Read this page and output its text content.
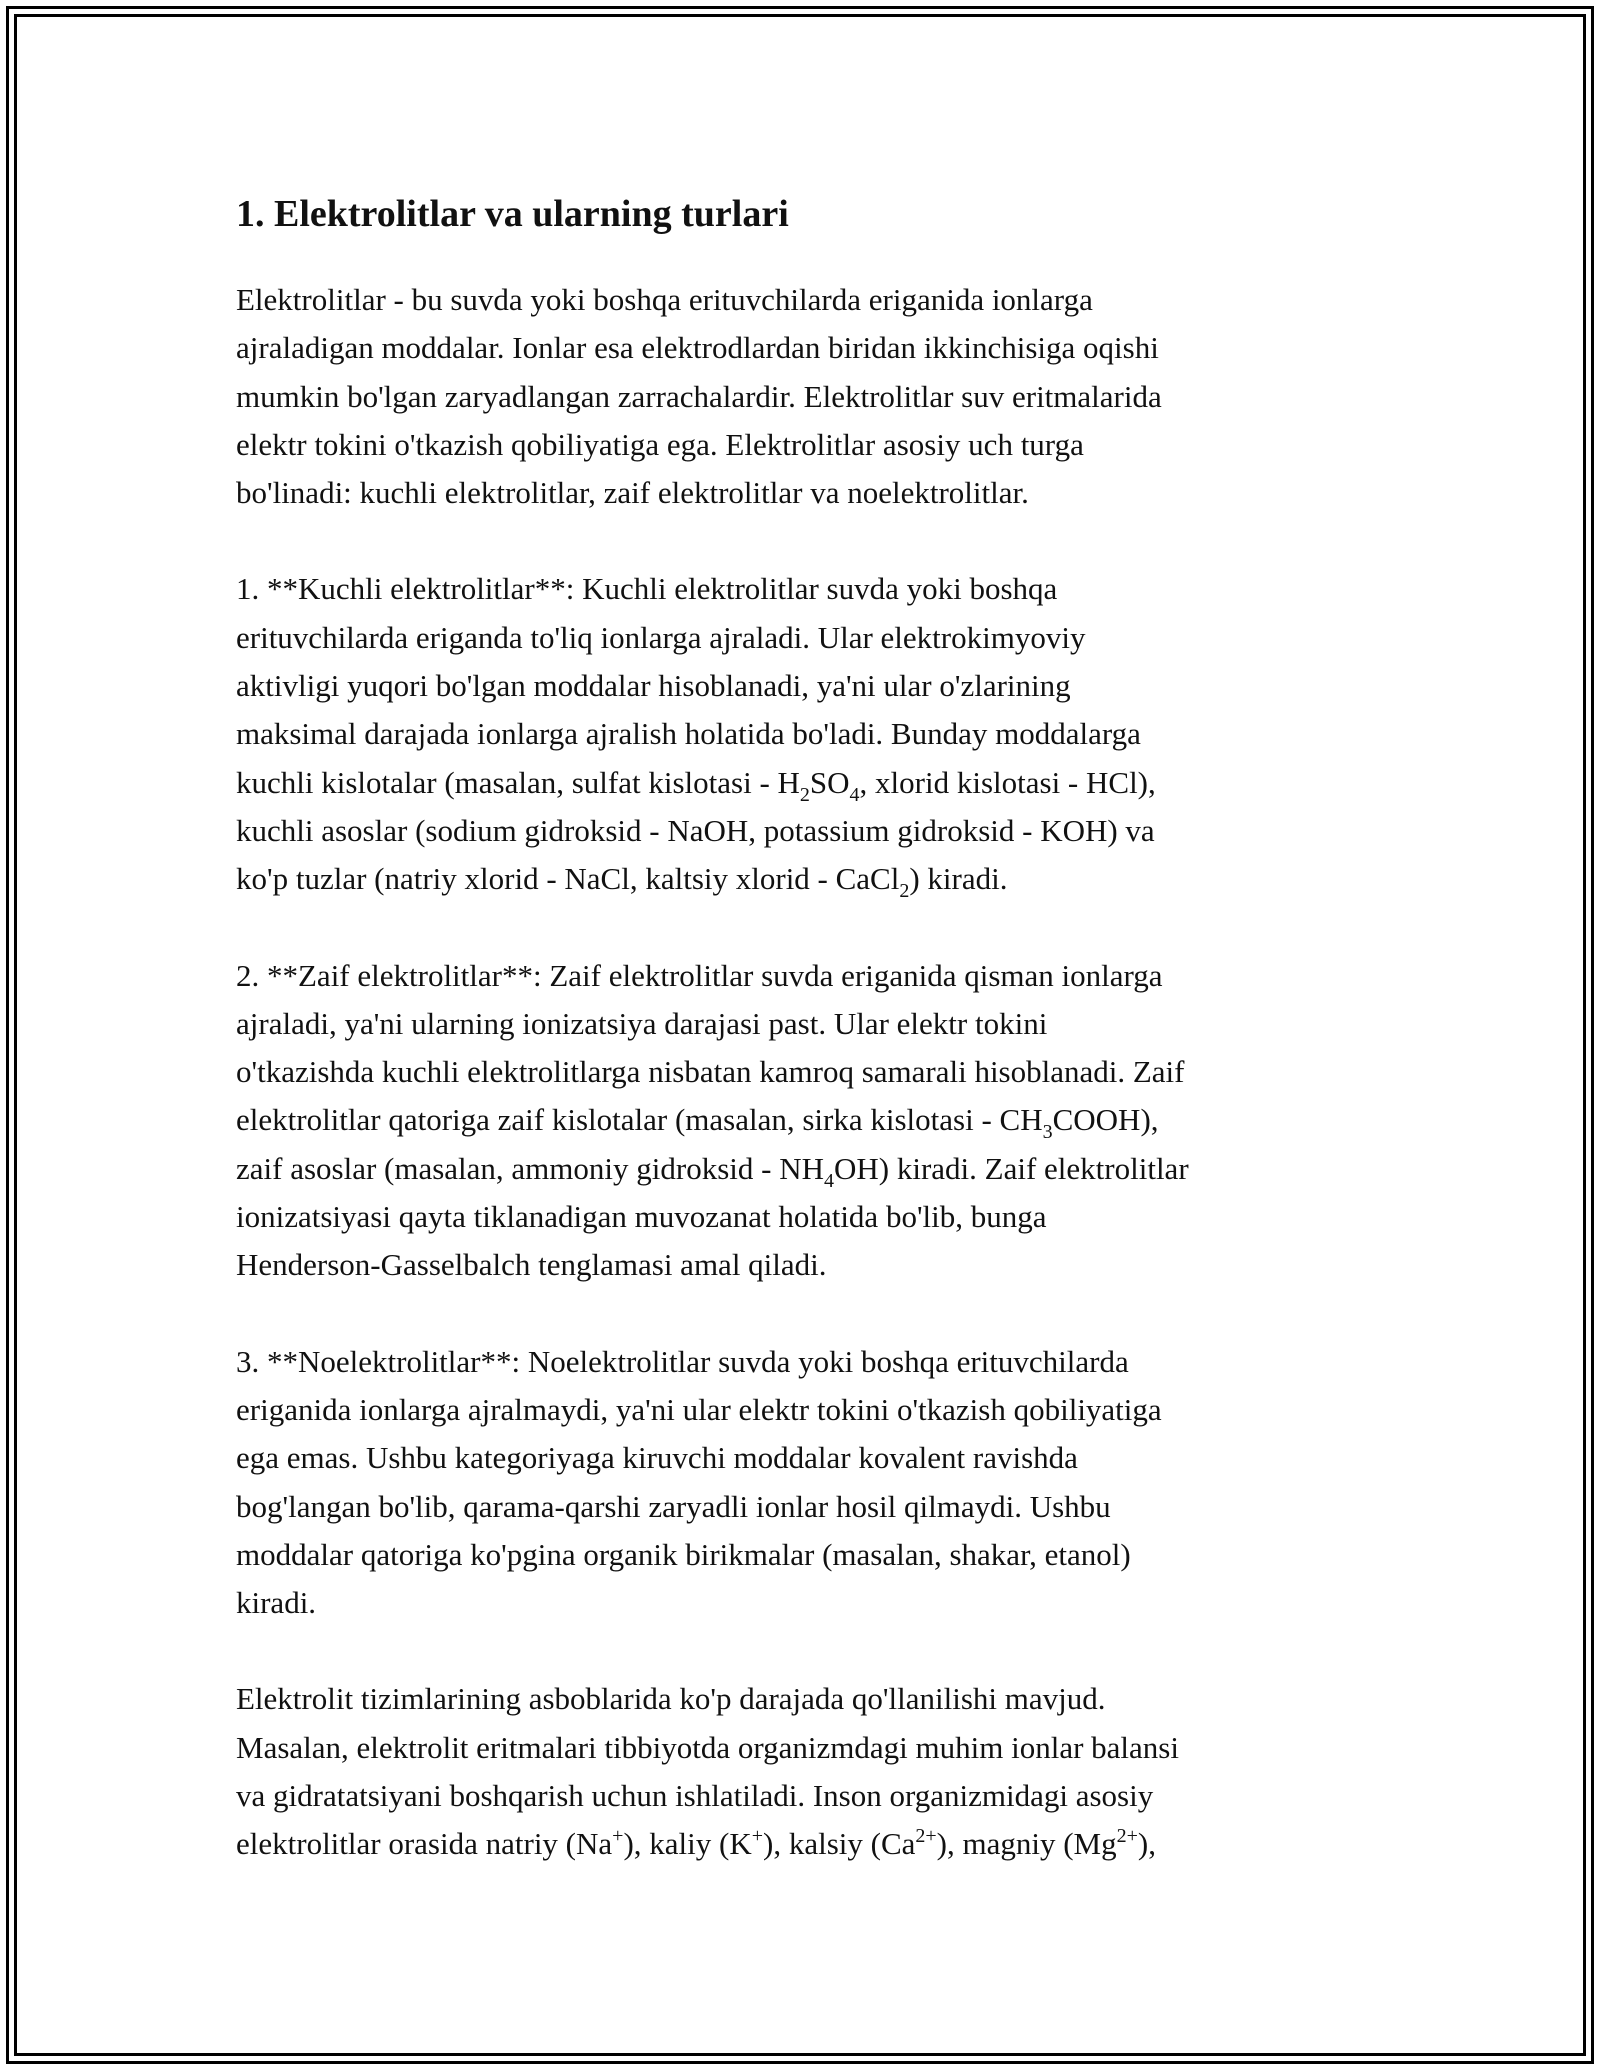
1. Elektrolitlar va ularning turlari

Elektrolitlar - bu suvda yoki boshqa erituvchilarda eriganida ionlarga
ajraladigan moddalar. Ionlar esa elektrodlardan biridan ikkinchisiga oqishi
mumkin bo'lgan zaryadlangan zarrachalardir. Elektrolitlar suv eritmalarida
elektr tokini o'tkazish qobiliyatiga ega. Elektrolitlar asosiy uch turga
bo'linadi: kuchli elektrolitlar, zaif elektrolitlar va noelektrolitlar.

1. **Kuchli elektrolitlar**: Kuchli elektrolitlar suvda yoki boshqa
erituvchilarda eriganda to'liq ionlarga ajraladi. Ular elektrokimyoviy
aktivligi yuqori bo'lgan moddalar hisoblanadi, ya'ni ular o'zlarining
maksimal darajada ionlarga ajralish holatida bo'ladi. Bunday moddalarga
kuchli kislotalar (masalan, sulfat kislotasi - $H_2SO_4$, xlorid kislotasi - HCl),
kuchli asoslar (sodium gidroksid - NaOH, potassium gidroksid - KOH) va
ko'p tuzlar (natriy xlorid - NaCl, kaltsiy xlorid - CaCl$_2$) kiradi.

2. **Zaif elektrolitlar**: Zaif elektrolitlar suvda eriganida qisman ionlarga
ajraladi, ya'ni ularning ionizatsiya darajasi past. Ular elektr tokini
o'tkazishda kuchli elektrolitlarga nisbatan kamroq samarali hisoblanadi. Zaif
elektrolitlar qatoriga zaif kislotalar (masalan, sirka kislotasi - $CH_3COOH$),
zaif asoslar (masalan, ammoniy gidroksid - $NH_4OH$) kiradi. Zaif elektrolitlar
ionizatsiyasi qayta tiklanadigan muvozanat holatida bo'lib, bunga
Henderson-Gasselbalch tenglamasi amal qiladi.

3. **Noelektrolitlar**: Noelektrolitlar suvda yoki boshqa erituvchilarda
eriganida ionlarga ajralmaydi, ya'ni ular elektr tokini o'tkazish qobiliyatiga
ega emas. Ushbu kategoriyaga kiruvchi moddalar kovalent ravishda
bog'langan bo'lib, qarama-qarshi zaryadli ionlar hosil qilmaydi. Ushbu
moddalar qatoriga ko'pgina organik birikmalar (masalan, shakar, etanol)
kiradi.

Elektrolit tizimlarining asboblarida ko'p darajada qo'llanilishi mavjud.
Masalan, elektrolit eritmalari tibbiyotda organizmdagi muhim ionlar balansi
va gidratatsiyani boshqarish uchun ishlatiladi. Inson organizmidagi asosiy
elektrolitlar orasida natriy (Na+), kaliy (K+), kalsiy $(Ca^{2+})$, magniy $(Mg^{2+})$,
